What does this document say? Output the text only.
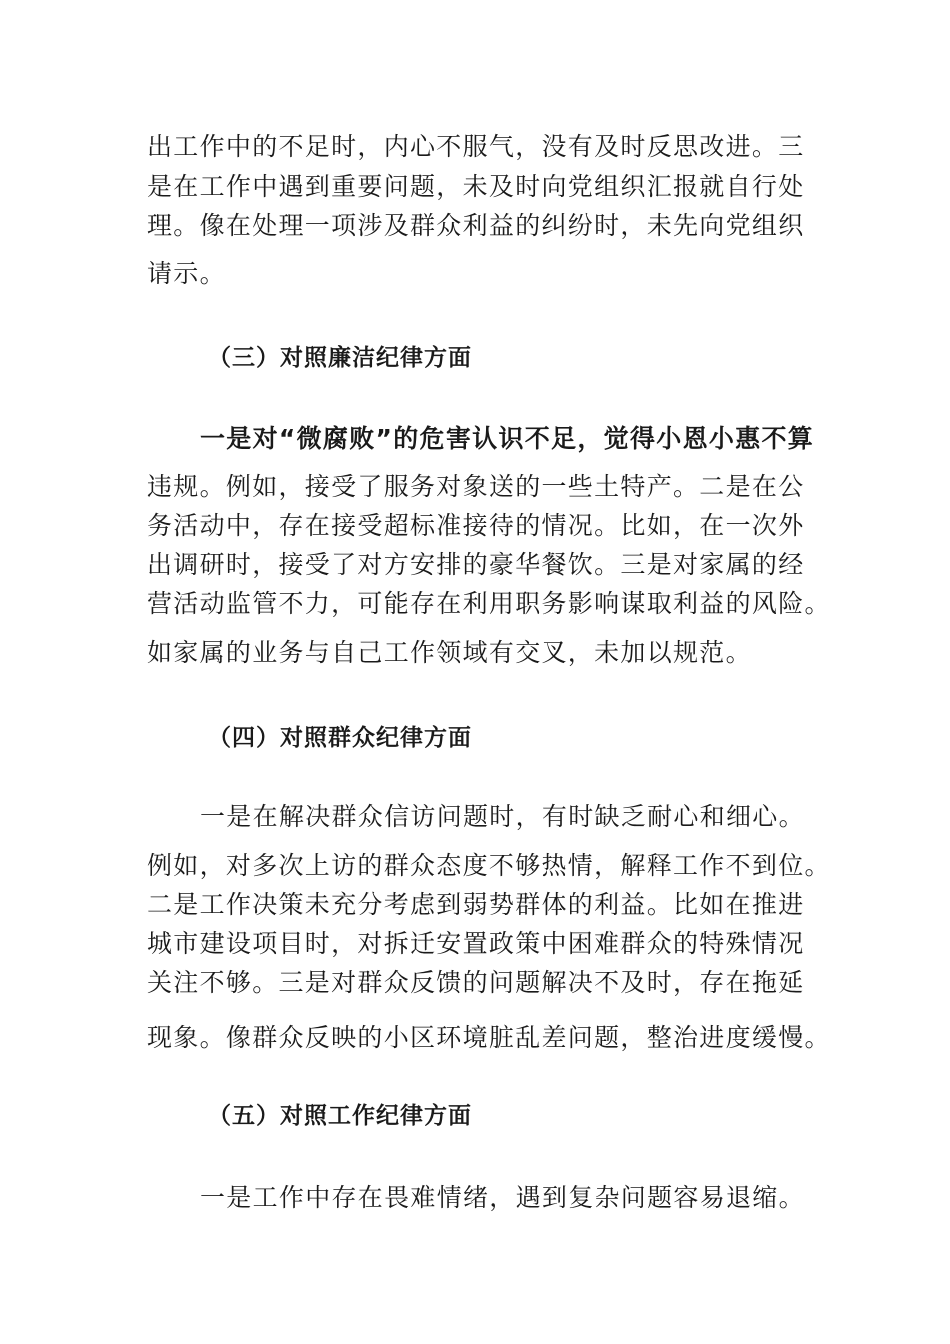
出工作中的不足时，内心不服气，没有及时反思改进。三
是在工作中遇到重要问题，未及时向党组织汇报就自行处
理。像在处理一项涉及群众利益的纠纷时，未先向党组织
请示。
（三）对照廉洁纪律方面
一是对“微腐败”的危害认识不足，觉得小恩小惠不算
违规。例如，接受了服务对象送的一些土特产。二是在公
务活动中，存在接受超标准接待的情况。比如，在一次外
出调研时，接受了对方安排的豪华餐饮。三是对家属的经
营活动监管不力，可能存在利用职务影响谋取利益的风险。
如家属的业务与自己工作领域有交叉，未加以规范。
（四）对照群众纪律方面
一是在解决群众信访问题时，有时缺乏耐心和细心。
例如，对多次上访的群众态度不够热情，解释工作不到位。
二是工作决策未充分考虑到弱势群体的利益。比如在推进
城市建设项目时，对拆迁安置政策中困难群众的特殊情况
关注不够。三是对群众反馈的问题解决不及时，存在拖延
现象。像群众反映的小区环境脏乱差问题，整治进度缓慢。
（五）对照工作纪律方面
一是工作中存在畏难情绪，遇到复杂问题容易退缩。
